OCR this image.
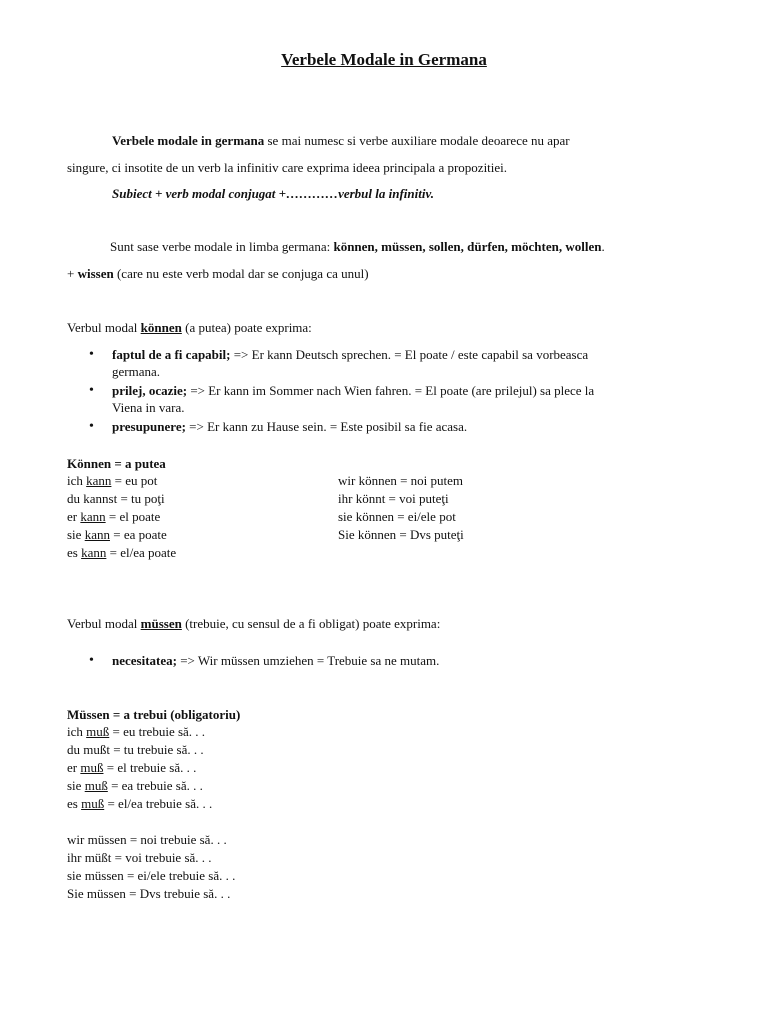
Verbele Modale in Germana
Verbele modale in germana se mai numesc si verbe auxiliare modale deoarece nu apar
singure, ci insotite de un verb la infinitiv care exprima ideea principala a propozitiei.
Subiect + verb modal conjugat +…………verbul la infinitiv.
Sunt sase verbe modale in limba germana: können, müssen, sollen, dürfen, möchten, wollen.
+ wissen (care nu este verb modal dar se conjuga ca unul)
Verbul modal können (a putea) poate exprima:
• faptul de a fi capabil; => Er kann Deutsch sprechen. = El poate / este capabil sa vorbeasca
germana.
• prilej, ocazie; => Er kann im Sommer nach Wien fahren. = El poate (are prilejul) sa plece la
Viena in vara.
• presupunere; => Er kann zu Hause sein. = Este posibil sa fie acasa.
Können = a putea
ich kann = eu pot
du kannst = tu poţi
er kann = el poate
sie kann = ea poate
es kann = el/ea poate
wir können = noi putem
ihr könnt = voi puteţi
sie können = ei/ele pot
Sie können = Dvs puteţi
Verbul modal müssen (trebuie, cu sensul de a fi obligat) poate exprima:
• necesitatea; => Wir müssen umziehen = Trebuie sa ne mutam.
Müssen = a trebui (obligatoriu)
ich muß = eu trebuie să. . .
du mußt = tu trebuie să. . .
er muß = el trebuie să. . .
sie muß = ea trebuie să. . .
es muß = el/ea trebuie să. . .
wir müssen = noi trebuie să. . .
ihr müßt = voi trebuie să. . .
sie müssen = ei/ele trebuie să. . .
Sie müssen = Dvs trebuie să. . .
